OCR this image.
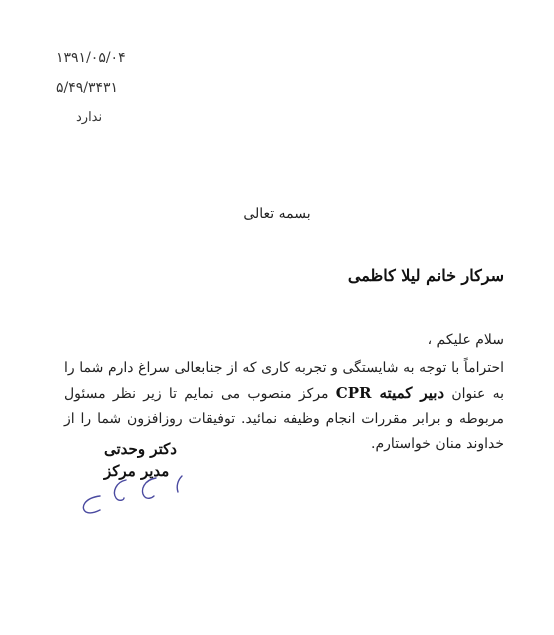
۱۳۹۱/۰۵/۰۴
۵/۴۹/۳۴۳۱
ندارد
بسمه تعالی
سرکار خانم لیلا کاظمی
سلام علیکم ،
احتراماً با توجه به شایستگی و تجربه کاری که از جنابعالی سراغ دارم شما را به عنوان دبیر کمیته CPR مرکز منصوب می نمایم تا زیر نظر مسئول مربوطه و برابر مقررات انجام وظیفه نمائید. توفیقات روزافزون شما را از خداوند منان خواستارم.
دکتر وحدتی
مدیر مرکز
